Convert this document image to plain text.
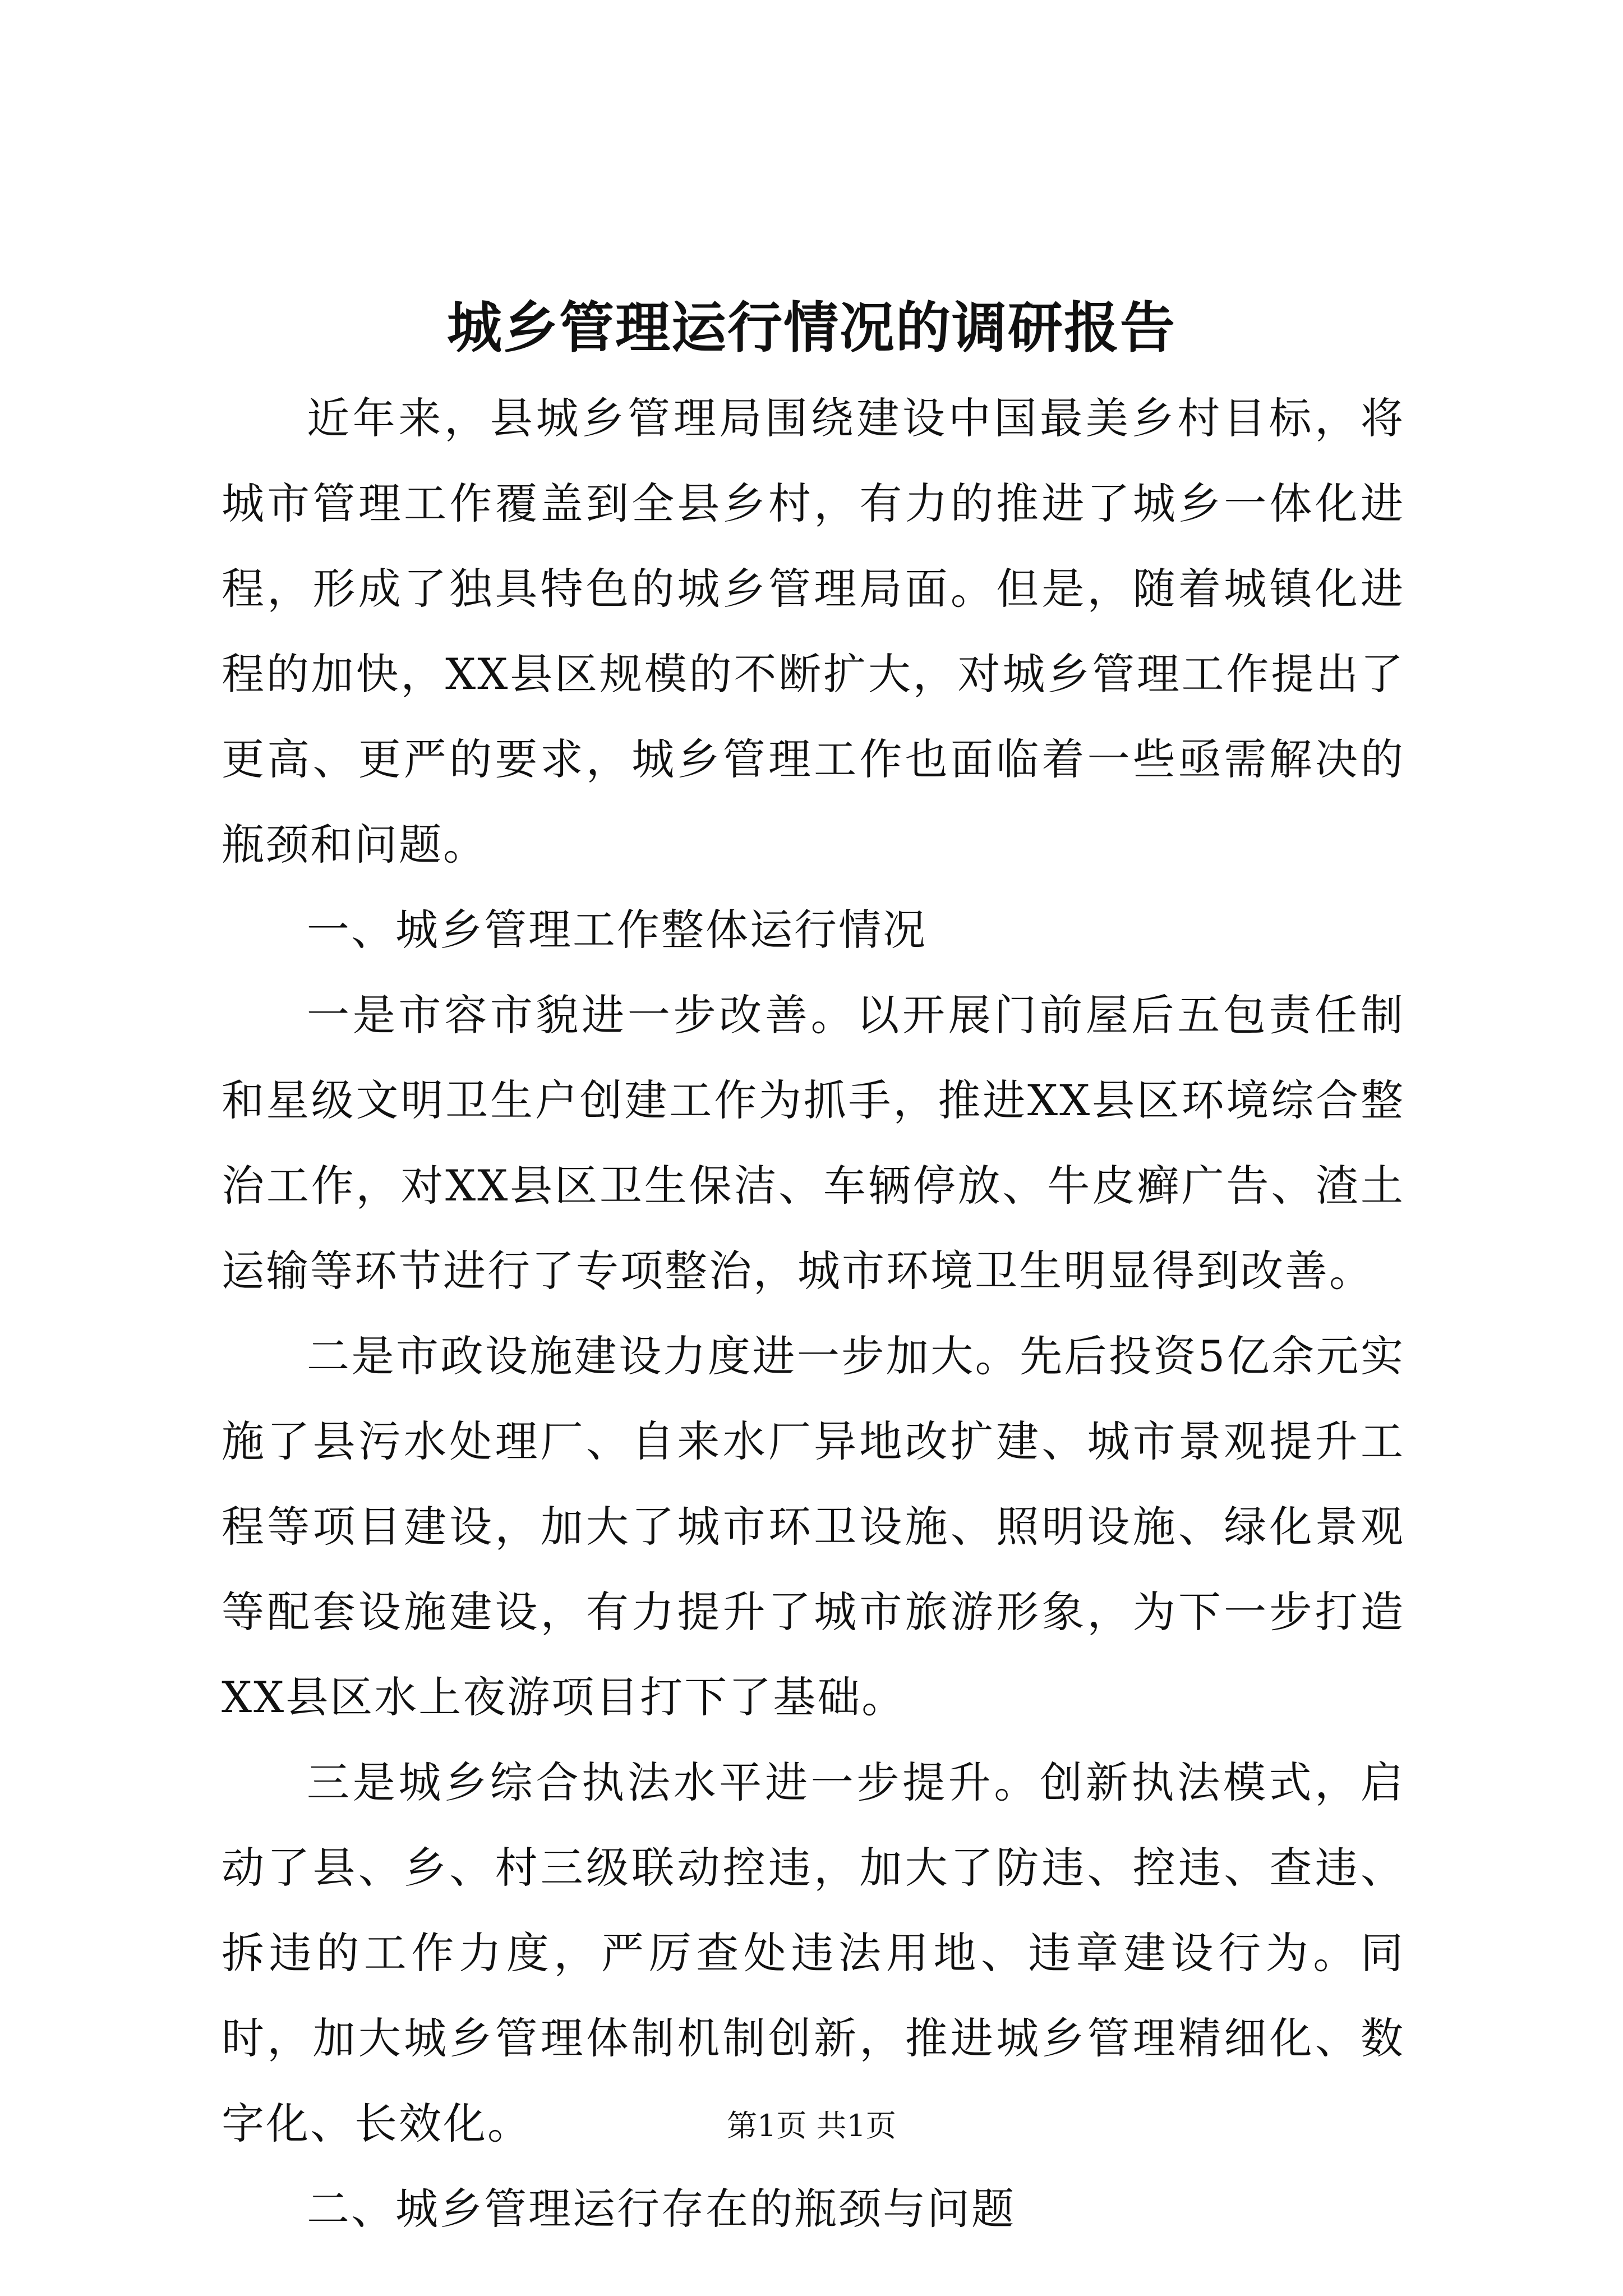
城乡管理运行情况的调研报告

近年来，县城乡管理局围绕建设中国最美乡村目标，将城市管理工作覆盖到全县乡村，有力的推进了城乡一体化进程，形成了独具特色的城乡管理局面。但是，随着城镇化进程的加快，XX县区规模的不断扩大，对城乡管理工作提出了更高、更严的要求，城乡管理工作也面临着一些亟需解决的瓶颈和问题。

一、城乡管理工作整体运行情况

一是市容市貌进一步改善。以开展门前屋后五包责任制和星级文明卫生户创建工作为抓手，推进XX县区环境综合整治工作，对XX县区卫生保洁、车辆停放、牛皮癣广告、渣土运输等环节进行了专项整治，城市环境卫生明显得到改善。

二是市政设施建设力度进一步加大。先后投资5亿余元实施了县污水处理厂、自来水厂异地改扩建、城市景观提升工程等项目建设，加大了城市环卫设施、照明设施、绿化景观等配套设施建设，有力提升了城市旅游形象，为下一步打造XX县区水上夜游项目打下了基础。

三是城乡综合执法水平进一步提升。创新执法模式，启动了县、乡、村三级联动控违，加大了防违、控违、查违、拆违的工作力度，严厉查处违法用地、违章建设行为。同时，加大城乡管理体制机制创新，推进城乡管理精细化、数字化、长效化。

二、城乡管理运行存在的瓶颈与问题

第1页 共1页
